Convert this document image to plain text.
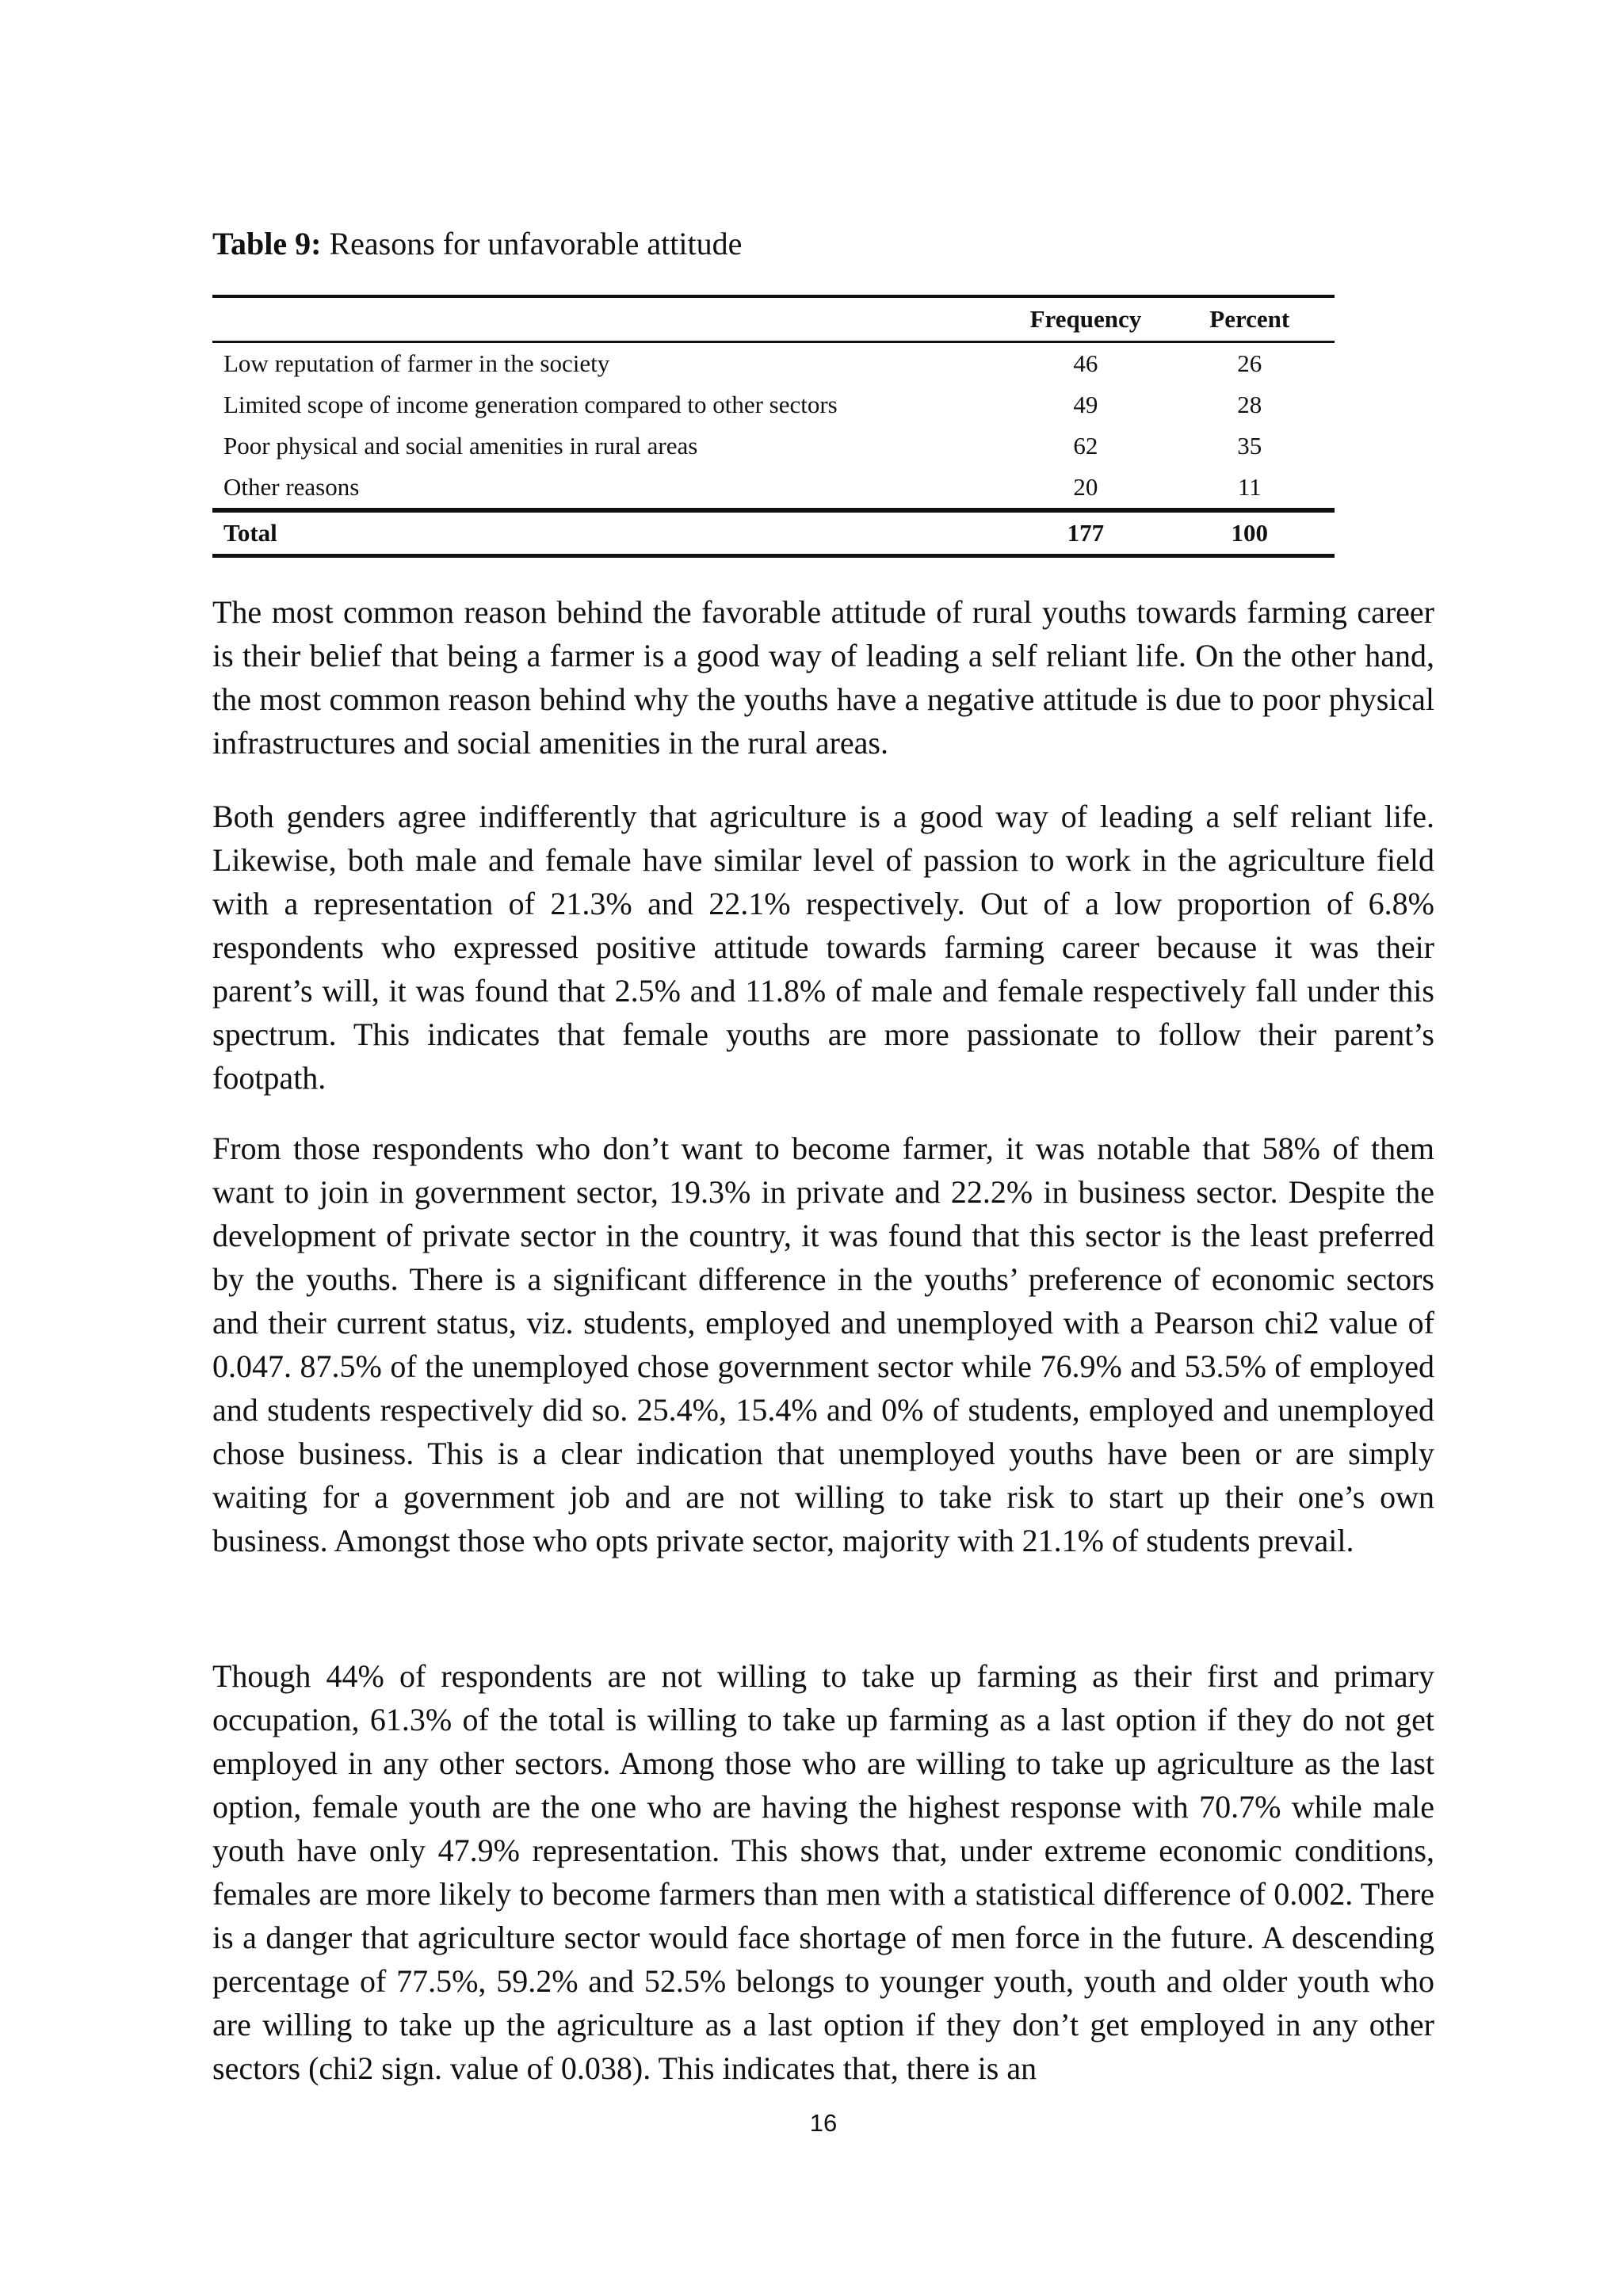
Table 9: Reasons for unfavorable attitude
	Frequency	Percent
Low reputation of farmer in the society	46	26
Limited scope of income generation compared to other sectors	49	28
Poor physical and social amenities in rural areas	62	35
Other reasons	20	11
Total	177	100

The most common reason behind the favorable attitude of rural youths towards farming career is their belief that being a farmer is a good way of leading a self reliant life. On the other hand, the most common reason behind why the youths have a negative attitude is due to poor physical infrastructures and social amenities in the rural areas.

Both genders agree indifferently that agriculture is a good way of leading a self reliant life. Likewise, both male and female have similar level of passion to work in the agriculture field with a representation of 21.3% and 22.1% respectively. Out of a low proportion of 6.8% respondents who expressed positive attitude towards farming career because it was their parent’s will, it was found that 2.5% and 11.8% of male and female respectively fall under this spectrum. This indicates that female youths are more passionate to follow their parent’s footpath.

From those respondents who don’t want to become farmer, it was notable that 58% of them want to join in government sector, 19.3% in private and 22.2% in business sector. Despite the development of private sector in the country, it was found that this sector is the least preferred by the youths. There is a significant difference in the youths’ preference of economic sectors and their current status, viz. students, employed and unemployed with a Pearson chi2 value of 0.047. 87.5% of the unemployed chose government sector while 76.9% and 53.5% of employed and students respectively did so. 25.4%, 15.4% and 0% of students, employed and unemployed chose business. This is a clear indication that unemployed youths have been or are simply waiting for a government job and are not willing to take risk to start up their one’s own business. Amongst those who opts private sector, majority with 21.1% of students prevail.

Though 44% of respondents are not willing to take up farming as their first and primary occupation, 61.3% of the total is willing to take up farming as a last option if they do not get employed in any other sectors. Among those who are willing to take up agriculture as the last option, female youth are the one who are having the highest response with 70.7% while male youth have only 47.9% representation. This shows that, under extreme economic conditions, females are more likely to become farmers than men with a statistical difference of 0.002. There is a danger that agriculture sector would face shortage of men force in the future. A descending percentage of 77.5%, 59.2% and 52.5% belongs to younger youth, youth and older youth who are willing to take up the agriculture as a last option if they don’t get employed in any other sectors (chi2 sign. value of 0.038). This indicates that, there is an

16
